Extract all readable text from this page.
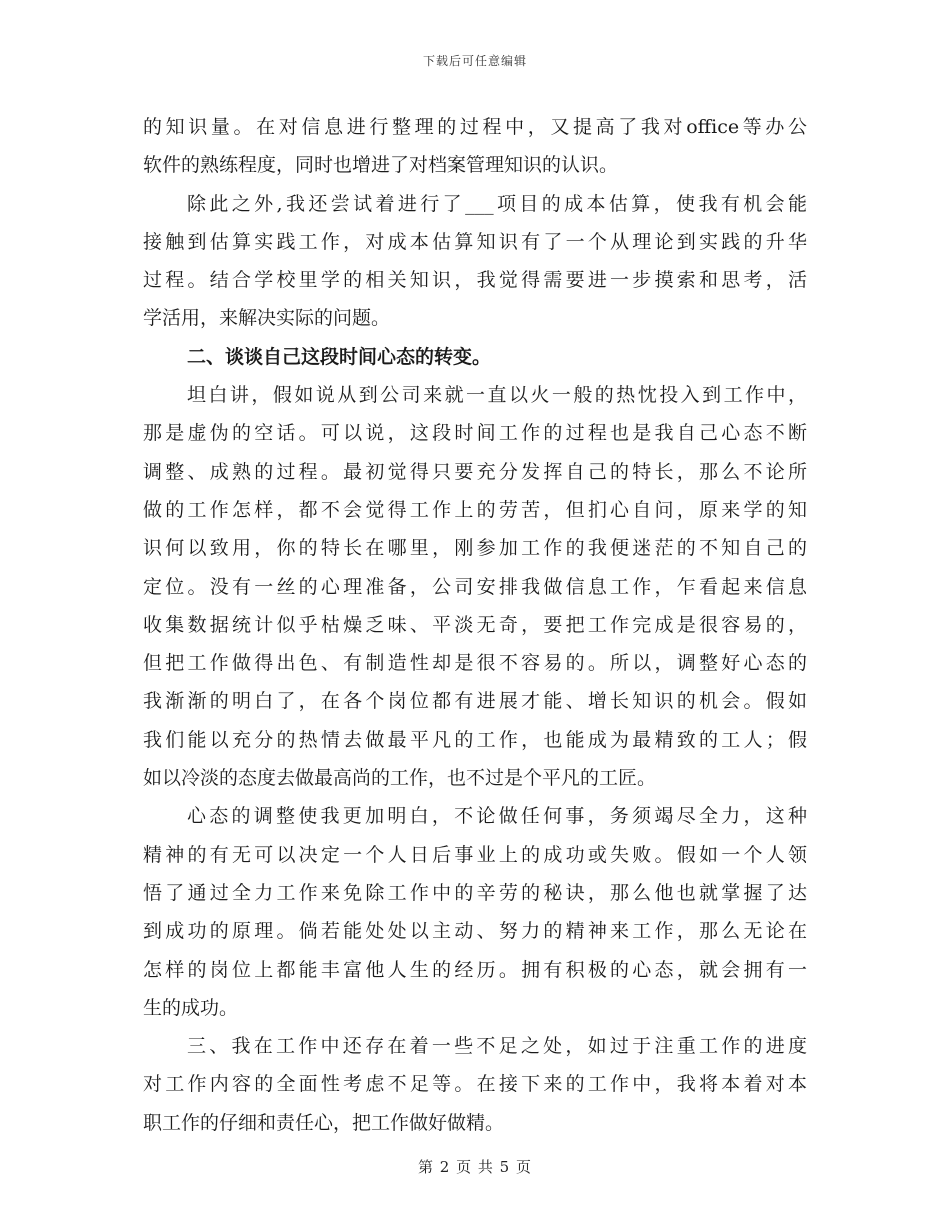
下载后可任意编辑
的知识量。在对信息进行整理的过程中，又提高了我对office等办公
软件的熟练程度，同时也增进了对档案管理知识的认识。
除此之外,我还尝试着进行了___项目的成本估算，使我有机会能
接触到估算实践工作，对成本估算知识有了一个从理论到实践的升华
过程。结合学校里学的相关知识，我觉得需要进一步摸索和思考，活
学活用，来解决实际的问题。
二、谈谈自己这段时间心态的转变。
坦白讲，假如说从到公司来就一直以火一般的热忱投入到工作中，
那是虚伪的空话。可以说，这段时间工作的过程也是我自己心态不断
调整、成熟的过程。最初觉得只要充分发挥自己的特长，那么不论所
做的工作怎样，都不会觉得工作上的劳苦，但扪心自问，原来学的知
识何以致用，你的特长在哪里，刚参加工作的我便迷茫的不知自己的
定位。没有一丝的心理准备，公司安排我做信息工作，乍看起来信息
收集数据统计似乎枯燥乏味、平淡无奇，要把工作完成是很容易的，
但把工作做得出色、有制造性却是很不容易的。所以，调整好心态的
我渐渐的明白了，在各个岗位都有进展才能、增长知识的机会。假如
我们能以充分的热情去做最平凡的工作，也能成为最精致的工人；假
如以冷淡的态度去做最高尚的工作，也不过是个平凡的工匠。
心态的调整使我更加明白，不论做任何事，务须竭尽全力，这种
精神的有无可以决定一个人日后事业上的成功或失败。假如一个人领
悟了通过全力工作来免除工作中的辛劳的秘诀，那么他也就掌握了达
到成功的原理。倘若能处处以主动、努力的精神来工作，那么无论在
怎样的岗位上都能丰富他人生的经历。拥有积极的心态，就会拥有一
生的成功。
三、我在工作中还存在着一些不足之处，如过于注重工作的进度
对工作内容的全面性考虑不足等。在接下来的工作中，我将本着对本
职工作的仔细和责任心，把工作做好做精。
第 2 页 共 5 页
